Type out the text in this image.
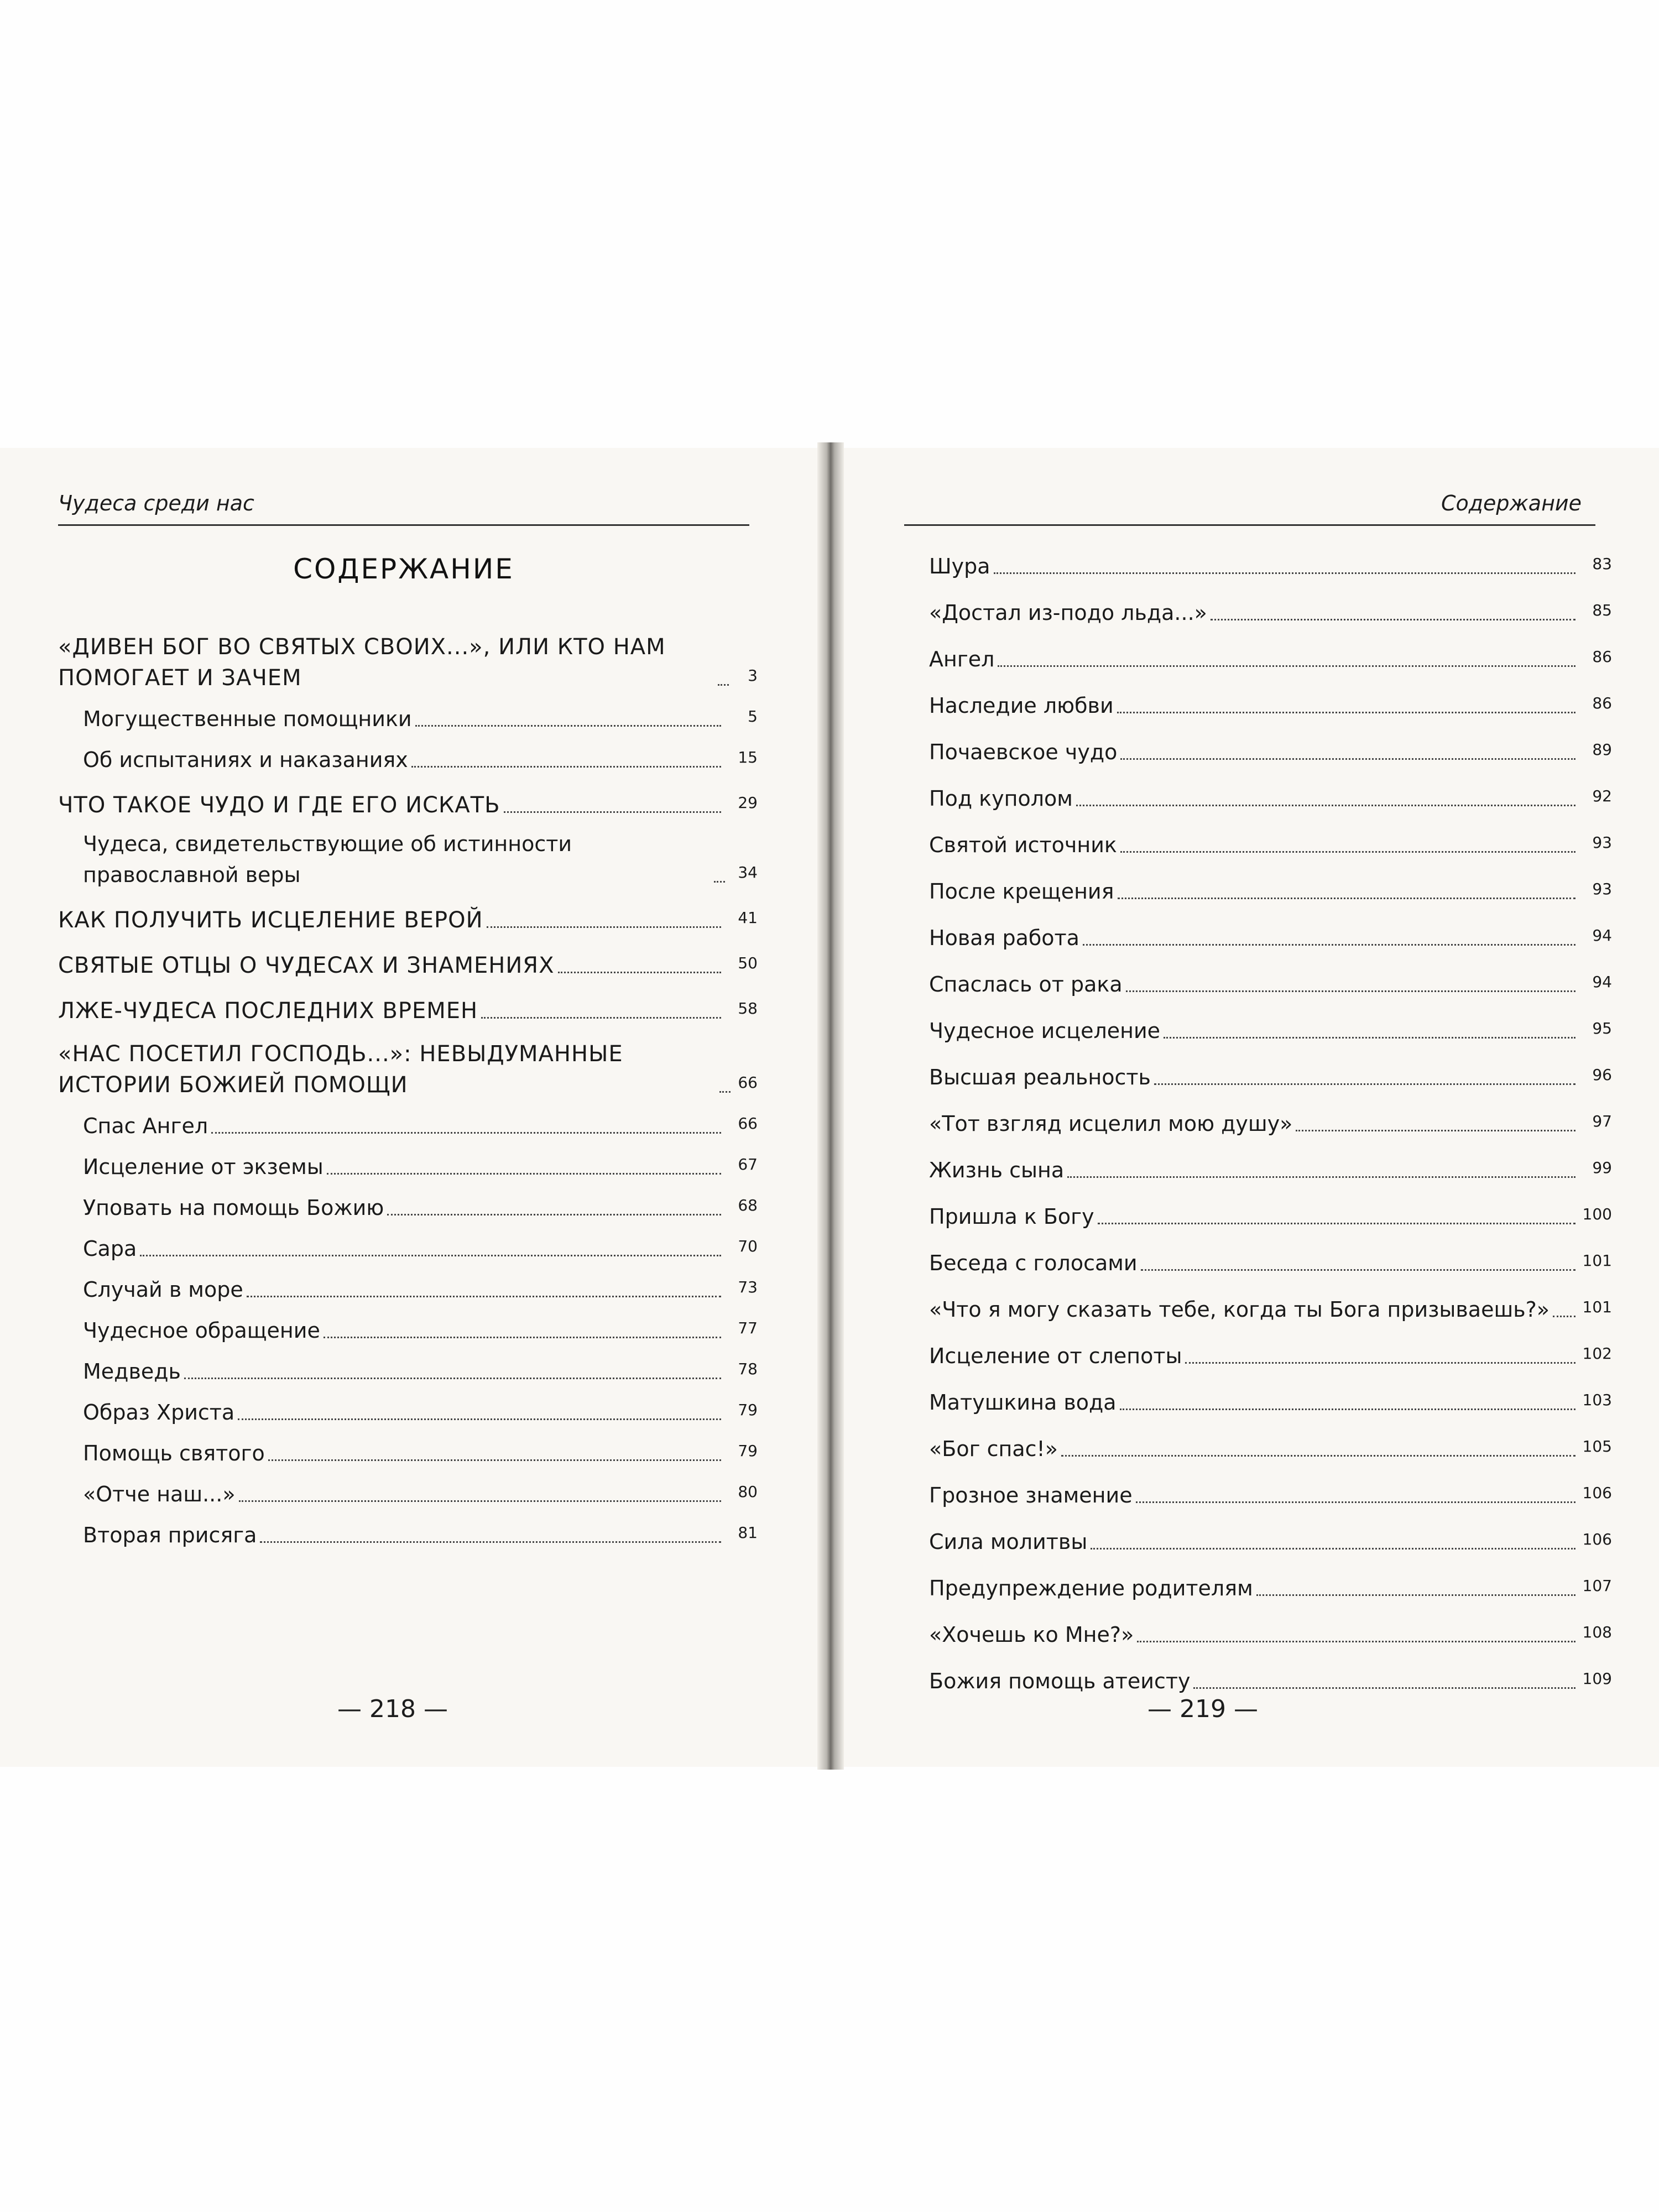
Чудеса среди нас
СОДЕРЖАНИЕ
«ДИВЕН БОГ ВО СВЯТЫХ СВОИХ...», ИЛИ КТО НАМ ПОМОГАЕТ И ЗАЧЕМ	3
Могущественные помощники	5
Об испытаниях и наказаниях	15
ЧТО ТАКОЕ ЧУДО И ГДЕ ЕГО ИСКАТЬ	29
Чудеса, свидетельствующие об истинности православной веры	34
КАК ПОЛУЧИТЬ ИСЦЕЛЕНИЕ ВЕРОЙ	41
СВЯТЫЕ ОТЦЫ О ЧУДЕСАХ И ЗНАМЕНИЯХ	50
ЛЖЕ-ЧУДЕСА ПОСЛЕДНИХ ВРЕМЕН	58
«НАС ПОСЕТИЛ ГОСПОДЬ...»: НЕВЫДУМАННЫЕ ИСТОРИИ БОЖИЕЙ ПОМОЩИ	66
Спас Ангел	66
Исцеление от экземы	67
Уповать на помощь Божию	68
Сара	70
Случай в море	73
Чудесное обращение	77
Медведь	78
Образ Христа	79
Помощь святого	79
«Отче наш...»	80
Вторая присяга	81
— 218 —
Содержание
Шура	83
«Достал из-подо льда...»	85
Ангел	86
Наследие любви	86
Почаевское чудо	89
Под куполом	92
Святой источник	93
После крещения	93
Новая работа	94
Спаслась от рака	94
Чудесное исцеление	95
Высшая реальность	96
«Тот взгляд исцелил мою душу»	97
Жизнь сына	99
Пришла к Богу	100
Беседа с голосами	101
«Что я могу сказать тебе, когда ты Бога призываешь?» 101
Исцеление от слепоты	102
Матушкина вода	103
«Бог спас!»	105
Грозное знамение	106
Сила молитвы	106
Предупреждение родителям	107
«Хочешь ко Мне?»	108
Божия помощь атеисту	109
— 219 —
